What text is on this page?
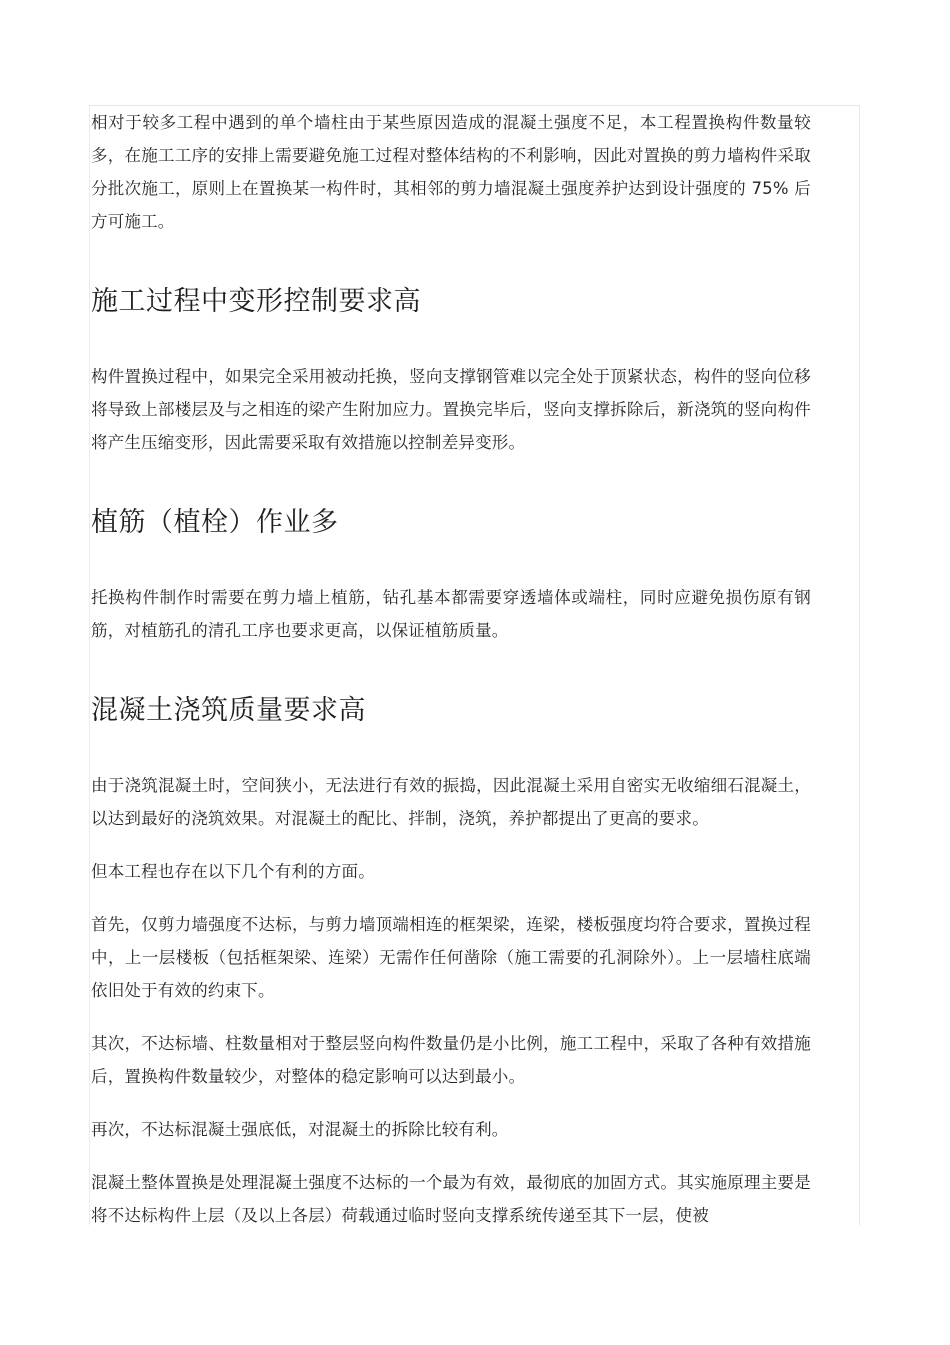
相对于较多工程中遇到的单个墙柱由于某些原因造成的混凝土强度不足，本工程置换构件数量较多，在施工工序的安排上需要避免施工过程对整体结构的不利影响，因此对置换的剪力墙构件采取分批次施工，原则上在置换某一构件时，其相邻的剪力墙混凝土强度养护达到设计强度的 75% 后方可施工。

施工过程中变形控制要求高

构件置换过程中，如果完全采用被动托换，竖向支撑钢管难以完全处于顶紧状态，构件的竖向位移将导致上部楼层及与之相连的梁产生附加应力。置换完毕后，竖向支撑拆除后，新浇筑的竖向构件将产生压缩变形，因此需要采取有效措施以控制差异变形。

植筋（植栓）作业多

托换构件制作时需要在剪力墙上植筋，钻孔基本都需要穿透墙体或端柱，同时应避免损伤原有钢筋，对植筋孔的清孔工序也要求更高，以保证植筋质量。

混凝土浇筑质量要求高

由于浇筑混凝土时，空间狭小，无法进行有效的振捣，因此混凝土采用自密实无收缩细石混凝土，以达到最好的浇筑效果。对混凝土的配比、拌制，浇筑，养护都提出了更高的要求。

但本工程也存在以下几个有利的方面。

首先，仅剪力墙强度不达标，与剪力墙顶端相连的框架梁，连梁，楼板强度均符合要求，置换过程中，上一层楼板（包括框架梁、连梁）无需作任何凿除（施工需要的孔洞除外）。上一层墙柱底端依旧处于有效的约束下。

其次，不达标墙、柱数量相对于整层竖向构件数量仍是小比例，施工工程中，采取了各种有效措施后，置换构件数量较少，对整体的稳定影响可以达到最小。

再次，不达标混凝土强底低，对混凝土的拆除比较有利。

混凝土整体置换是处理混凝土强度不达标的一个最为有效，最彻底的加固方式。其实施原理主要是将不达标构件上层（及以上各层）荷载通过临时竖向支撑系统传递至其下一层，使被
